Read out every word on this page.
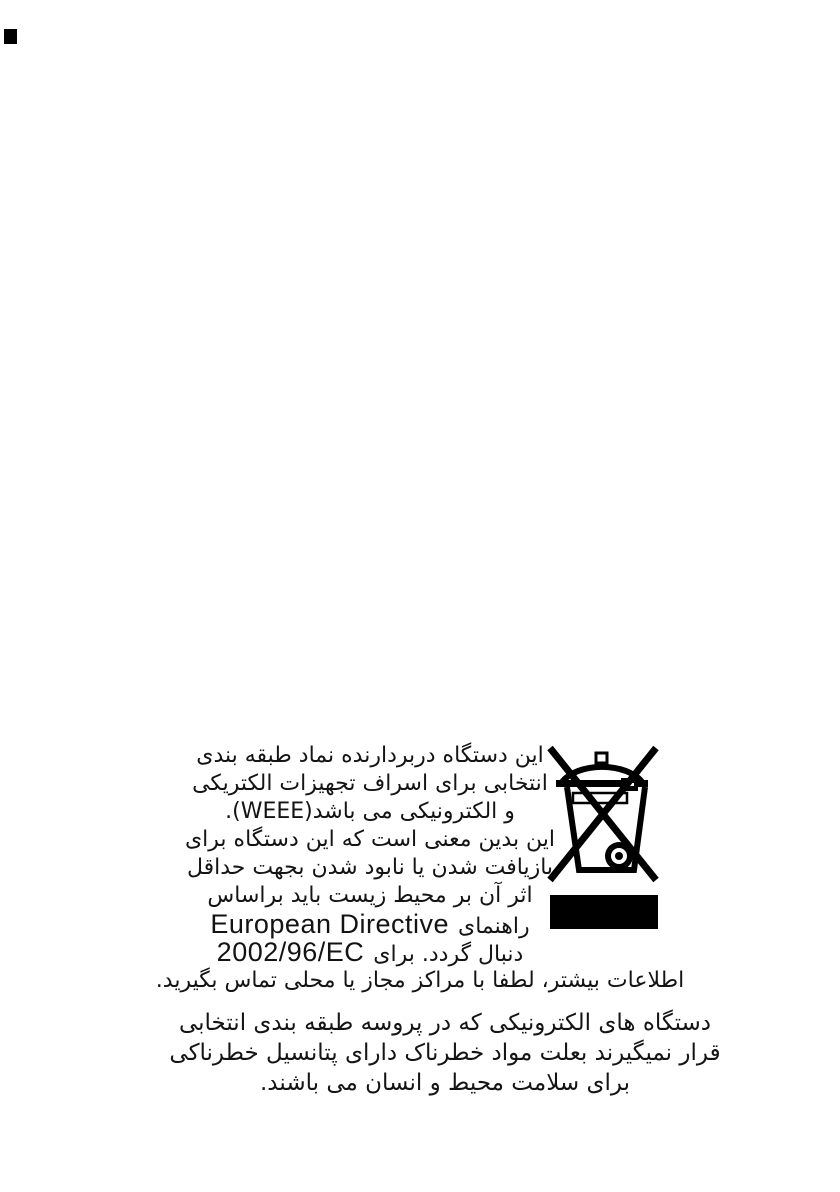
این دستگاه دربردارنده نماد طبقه بندی
انتخابی برای اسراف تجهیزات الکتریکی
و الکترونیکی می باشد(WEEE).
این بدین معنی است که این دستگاه برای
بازیافت شدن یا نابود شدن بجهت حداقل
اثر آن بر محیط زیست باید براساس
European Directive راهنمای
2002/96/EC دنبال گردد. برای
اطلاعات بیشتر، لطفا با مراکز مجاز یا محلی تماس بگیرید.
دستگاه های الکترونیکی که در پروسه طبقه بندی انتخابی
قرار نمیگیرند بعلت مواد خطرناک دارای پتانسیل خطرناکی
برای سلامت محیط و انسان می باشند.
